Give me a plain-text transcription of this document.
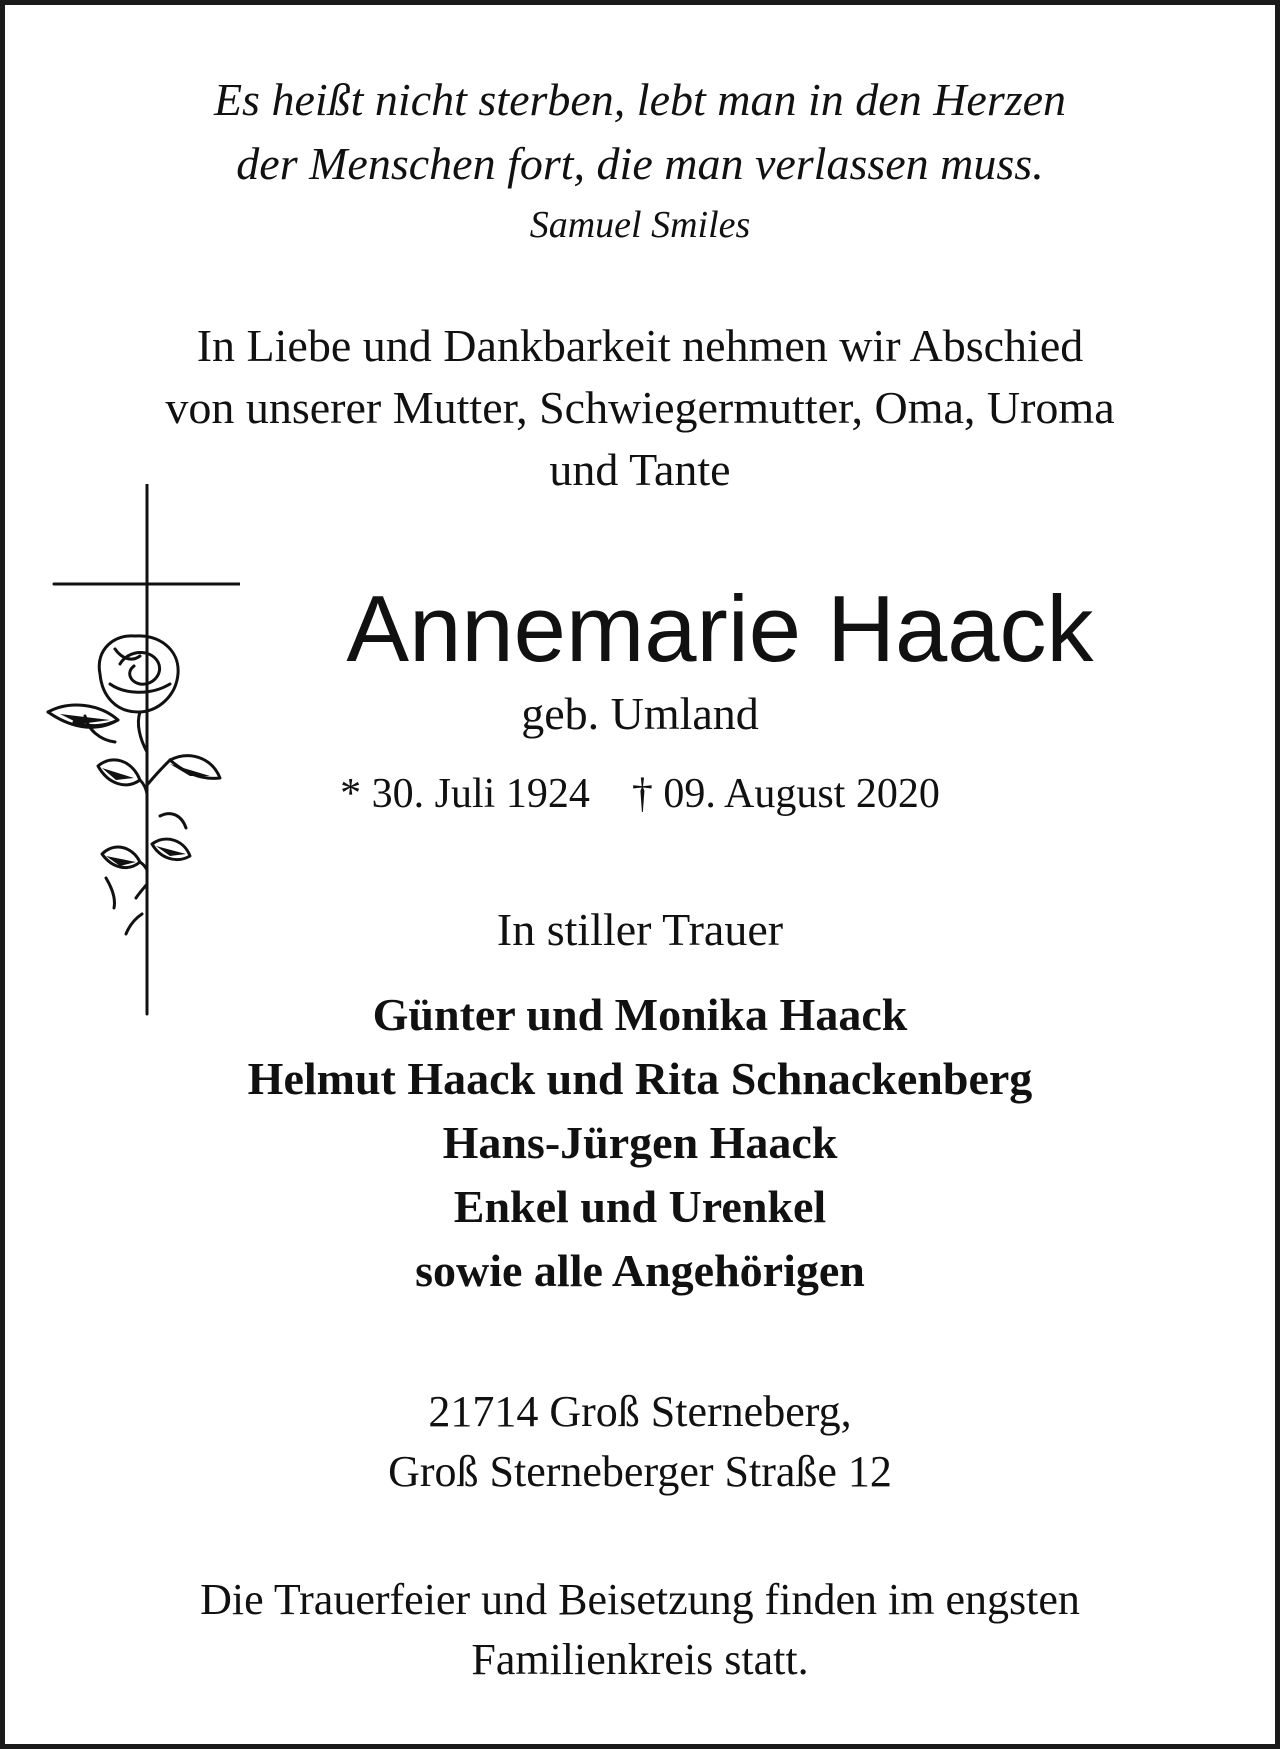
Es heißt nicht sterben, lebt man in den Herzen

der Menschen fort, die man verlassen muss.

Samuel Smiles

In Liebe und Dankbarkeit nehmen wir Abschied

von unserer Mutter, Schwiegermutter, Oma, Uroma

und Tante

Annemarie Haack

geb. Umland

* 30. Juli 1924 † 09. August 2020

In stiller Trauer

Günter und Monika Haack

Helmut Haack und Rita Schnackenberg

Hans-Jürgen Haack

Enkel und Urenkel

sowie alle Angehörigen

21714 Groß Sterneberg,

Groß Sterneberger Straße 12

Die Trauerfeier und Beisetzung finden im engsten

Familienkreis statt.
